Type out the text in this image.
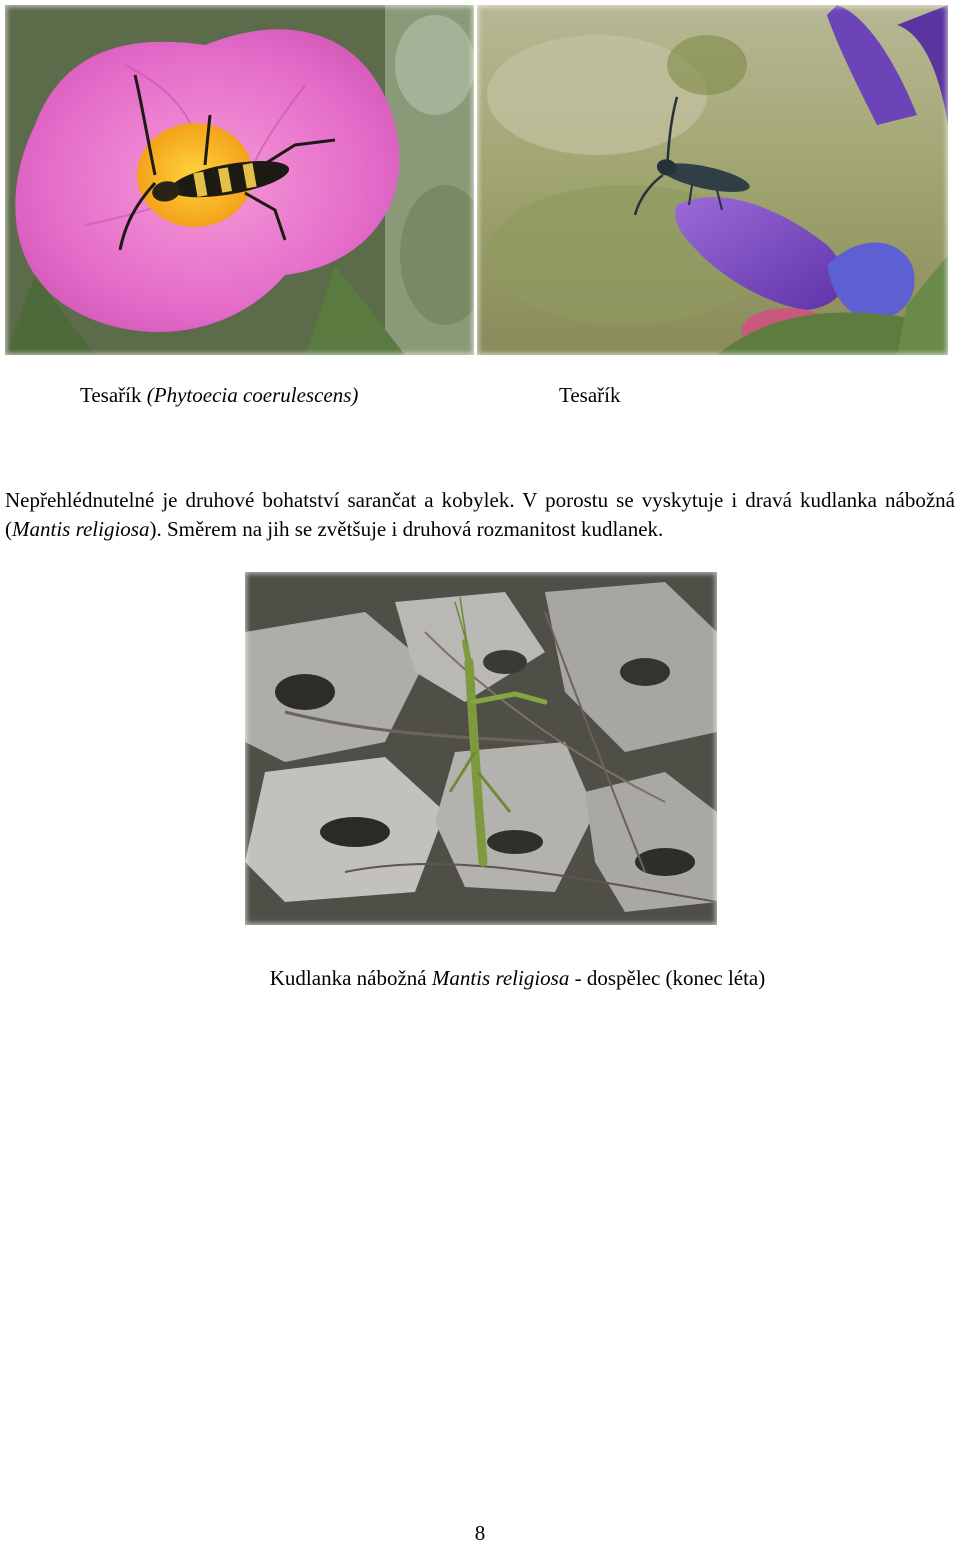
Tesařík (Phytoecia coerulescens)	Tesařík

Nepřehlédnutelné je druhové bohatství sarančat a kobylek. V porostu se vyskytuje i dravá kudlanka nábožná (Mantis religiosa). Směrem na jih se zvětšuje i druhová rozmanitost kudlanek.

Kudlanka nábožná Mantis religiosa - dospělec (konec léta)
8
